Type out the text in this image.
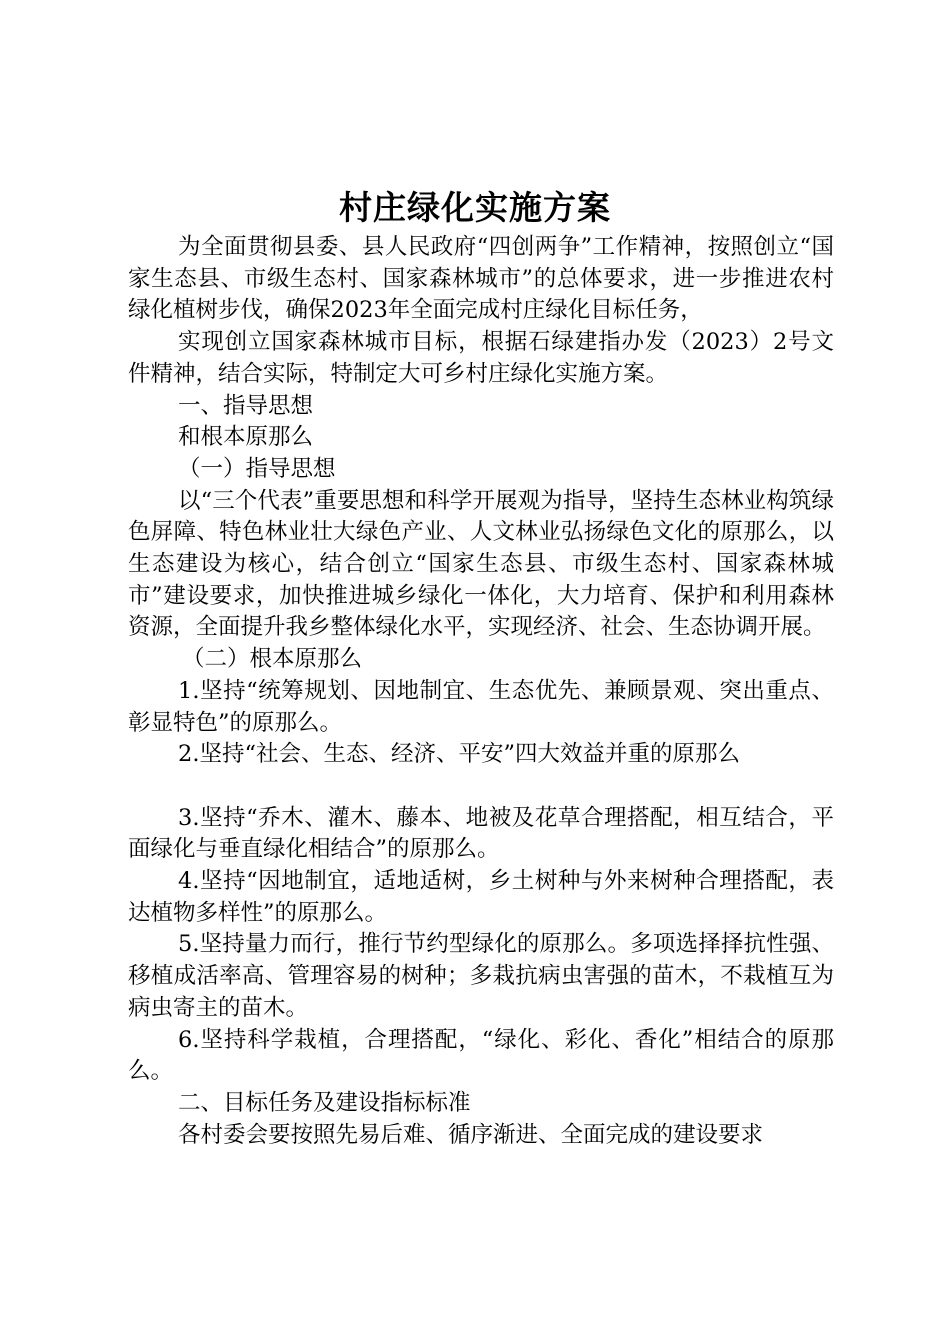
村庄绿化实施方案

为全面贯彻县委、县人民政府“四创两争”工作精神，按照创立“国家生态县、市级生态村、国家森林城市”的总体要求，进一步推进农村绿化植树步伐，确保2023年全面完成村庄绿化目标任务，

实现创立国家森林城市目标，根据石绿建指办发（2023）2号文件精神，结合实际，特制定大可乡村庄绿化实施方案。

一、指导思想

和根本原那么

（一）指导思想

以“三个代表”重要思想和科学开展观为指导，坚持生态林业构筑绿色屏障、特色林业壮大绿色产业、人文林业弘扬绿色文化的原那么，以生态建设为核心，结合创立“国家生态县、市级生态村、国家森林城市”建设要求，加快推进城乡绿化一体化，大力培育、保护和利用森林资源，全面提升我乡整体绿化水平，实现经济、社会、生态协调开展。

（二）根本原那么

1.坚持“统筹规划、因地制宜、生态优先、兼顾景观、突出重点、彰显特色”的原那么。

2.坚持“社会、生态、经济、平安”四大效益并重的原那么

3.坚持“乔木、灌木、藤本、地被及花草合理搭配，相互结合，平面绿化与垂直绿化相结合”的原那么。

4.坚持“因地制宜，适地适树，乡土树种与外来树种合理搭配，表达植物多样性”的原那么。

5.坚持量力而行，推行节约型绿化的原那么。多项选择择抗性强、移植成活率高、管理容易的树种；多栽抗病虫害强的苗木，不栽植互为病虫寄主的苗木。

6.坚持科学栽植，合理搭配，“绿化、彩化、香化”相结合的原那么。

二、目标任务及建设指标标准

各村委会要按照先易后难、循序渐进、全面完成的建设要求
